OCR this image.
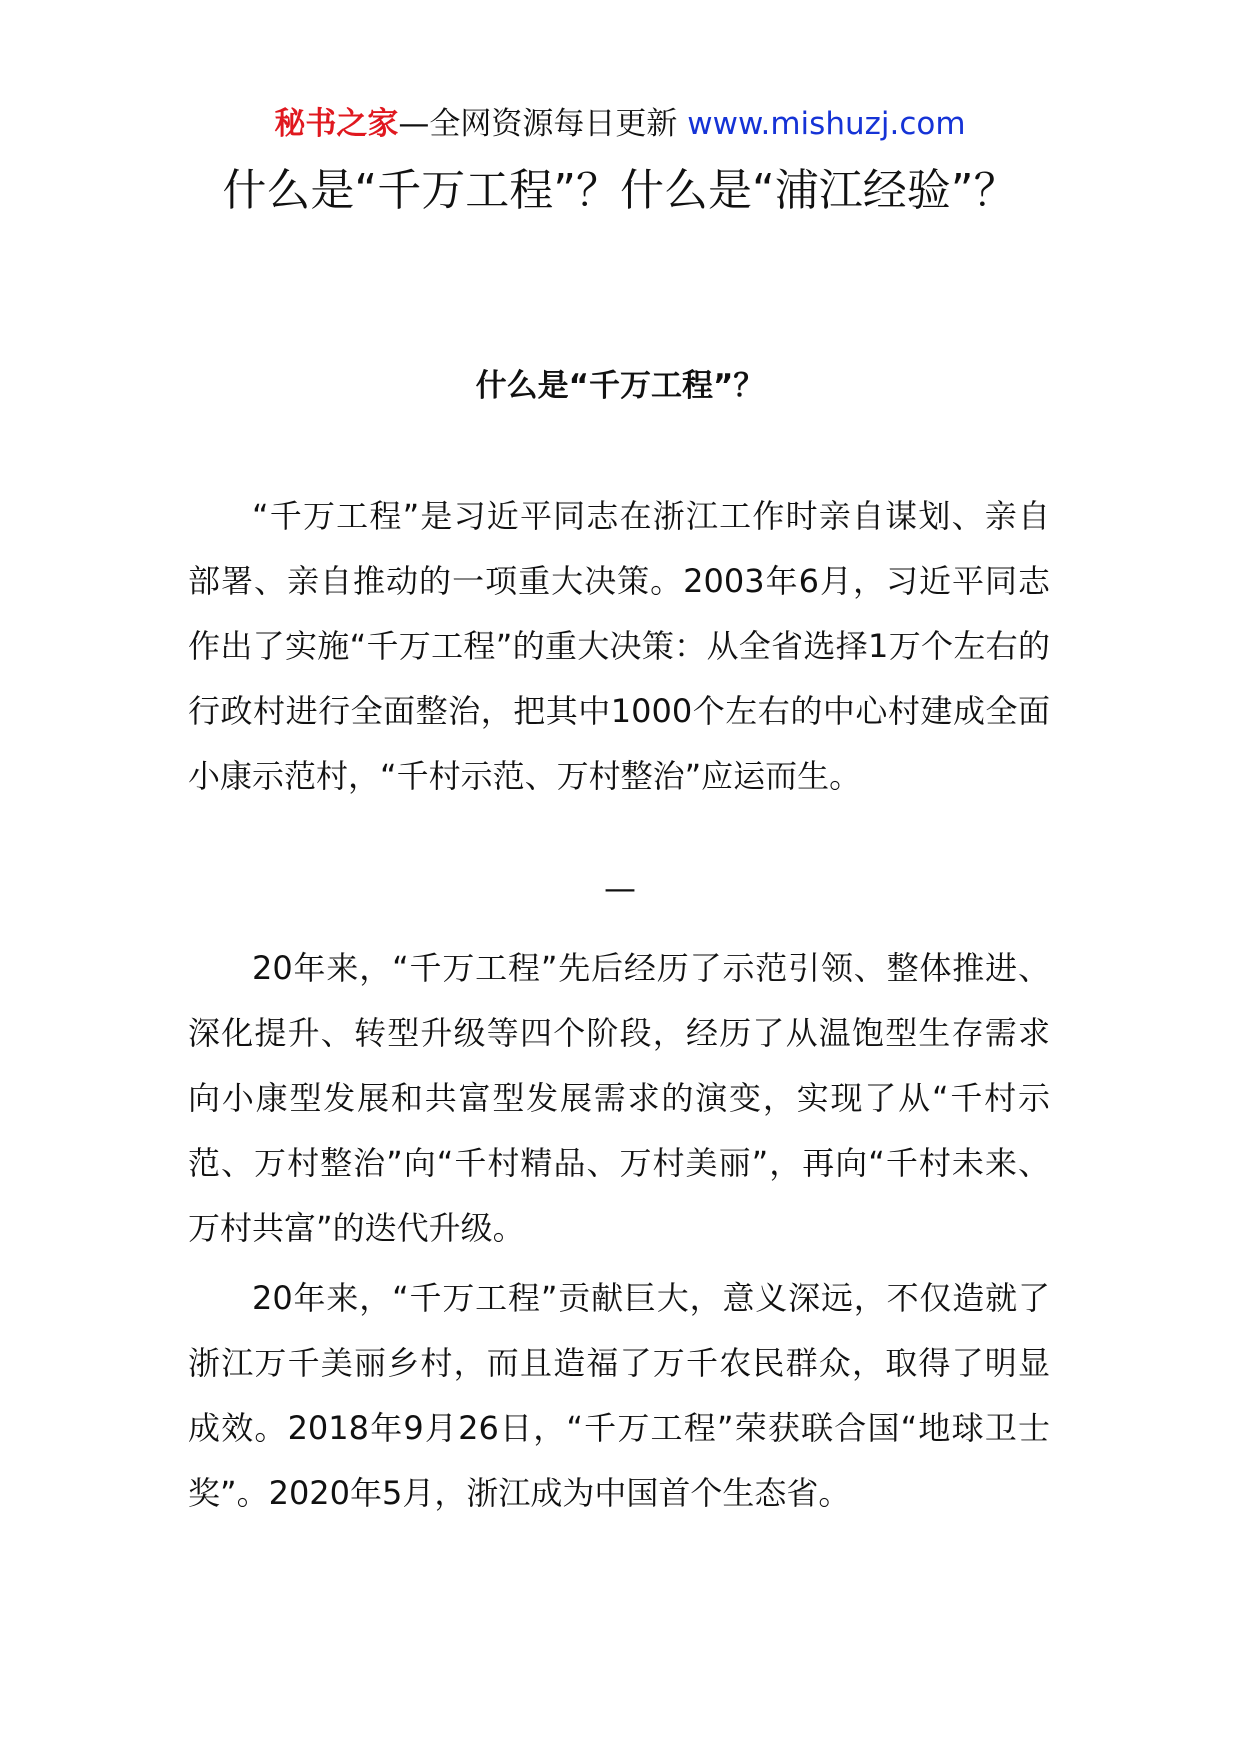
秘书之家—全网资源每日更新 www.mishuzj.com
什么是“千万工程”？什么是“浦江经验”？
什么是“千万工程”？

“千万工程”是习近平同志在浙江工作时亲自谋划、亲自部署、亲自推动的一项重大决策。2003年6月，习近平同志作出了实施“千万工程”的重大决策：从全省选择1万个左右的行政村进行全面整治，把其中1000个左右的中心村建成全面小康示范村，“千村示范、万村整治”应运而生。

—

20年来，“千万工程”先后经历了示范引领、整体推进、深化提升、转型升级等四个阶段，经历了从温饱型生存需求向小康型发展和共富型发展需求的演变，实现了从“千村示范、万村整治”向“千村精品、万村美丽”，再向“千村未来、万村共富”的迭代升级。

20年来，“千万工程”贡献巨大，意义深远，不仅造就了浙江万千美丽乡村，而且造福了万千农民群众，取得了明显成效。2018年9月26日，“千万工程”荣获联合国“地球卫士奖”。2020年5月，浙江成为中国首个生态省。
